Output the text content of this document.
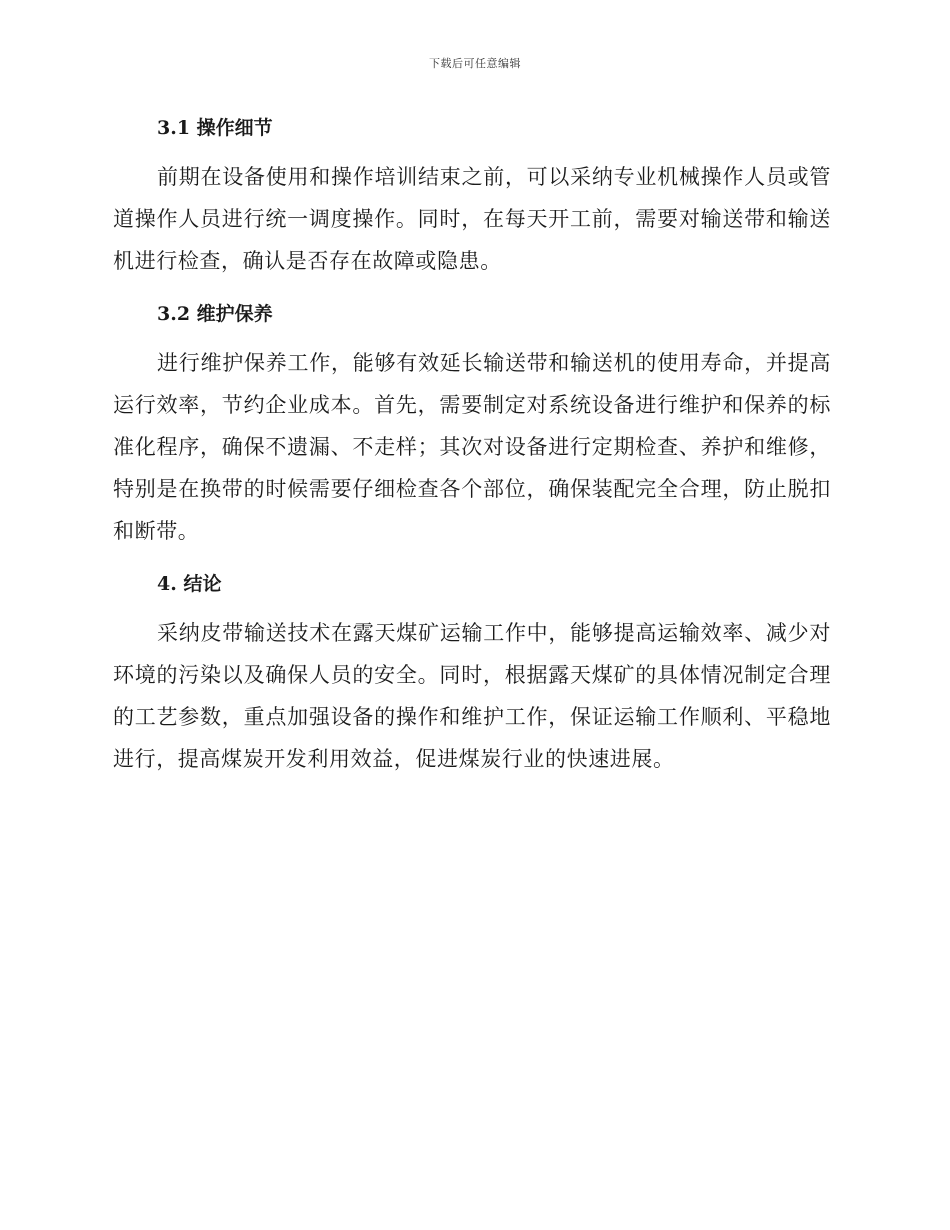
下载后可任意编辑
3.1 操作细节

前期在设备使用和操作培训结束之前，可以采纳专业机械操作人员或管道操作人员进行统一调度操作。同时，在每天开工前，需要对输送带和输送机进行检查，确认是否存在故障或隐患。

3.2 维护保养

进行维护保养工作，能够有效延长输送带和输送机的使用寿命，并提高运行效率，节约企业成本。首先，需要制定对系统设备进行维护和保养的标准化程序，确保不遗漏、不走样；其次对设备进行定期检查、养护和维修，特别是在换带的时候需要仔细检查各个部位，确保装配完全合理，防止脱扣和断带。

4. 结论

采纳皮带输送技术在露天煤矿运输工作中，能够提高运输效率、减少对环境的污染以及确保人员的安全。同时，根据露天煤矿的具体情况制定合理的工艺参数，重点加强设备的操作和维护工作，保证运输工作顺利、平稳地进行，提高煤炭开发利用效益，促进煤炭行业的快速进展。
